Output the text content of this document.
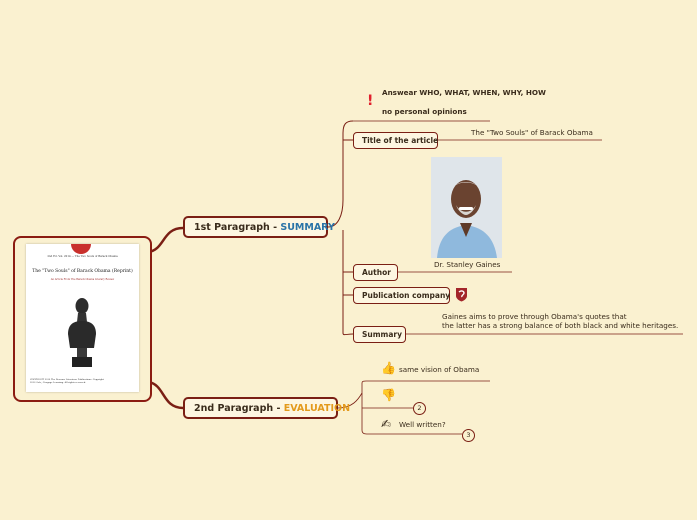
2nd Ed. Vol. 2014 — The Two Souls of Barack Obama
The "Two Souls" of Barack Obama (Reprint)
An Article From The Barack Obama Literary Review
COPYRIGHT 2014 The Reasons Literature Publications. Copyright 2014 Gale, Cengage Learning. All rights reserved.
1st Paragraph - SUMMARY
!
Answear WHO, WHAT, WHEN, WHY, HOW
no personal opinions
Title of the article
The "Two Souls" of Barack Obama
Author
Dr. Stanley Gaines
Publication company
Summary
Gaines aims to prove through Obama's quotes that
the latter has a strong balance of both black and white heritages.
2nd Paragraph - EVALUATION
👍 same vision of Obama
👎
2
✍ Well written?
3
